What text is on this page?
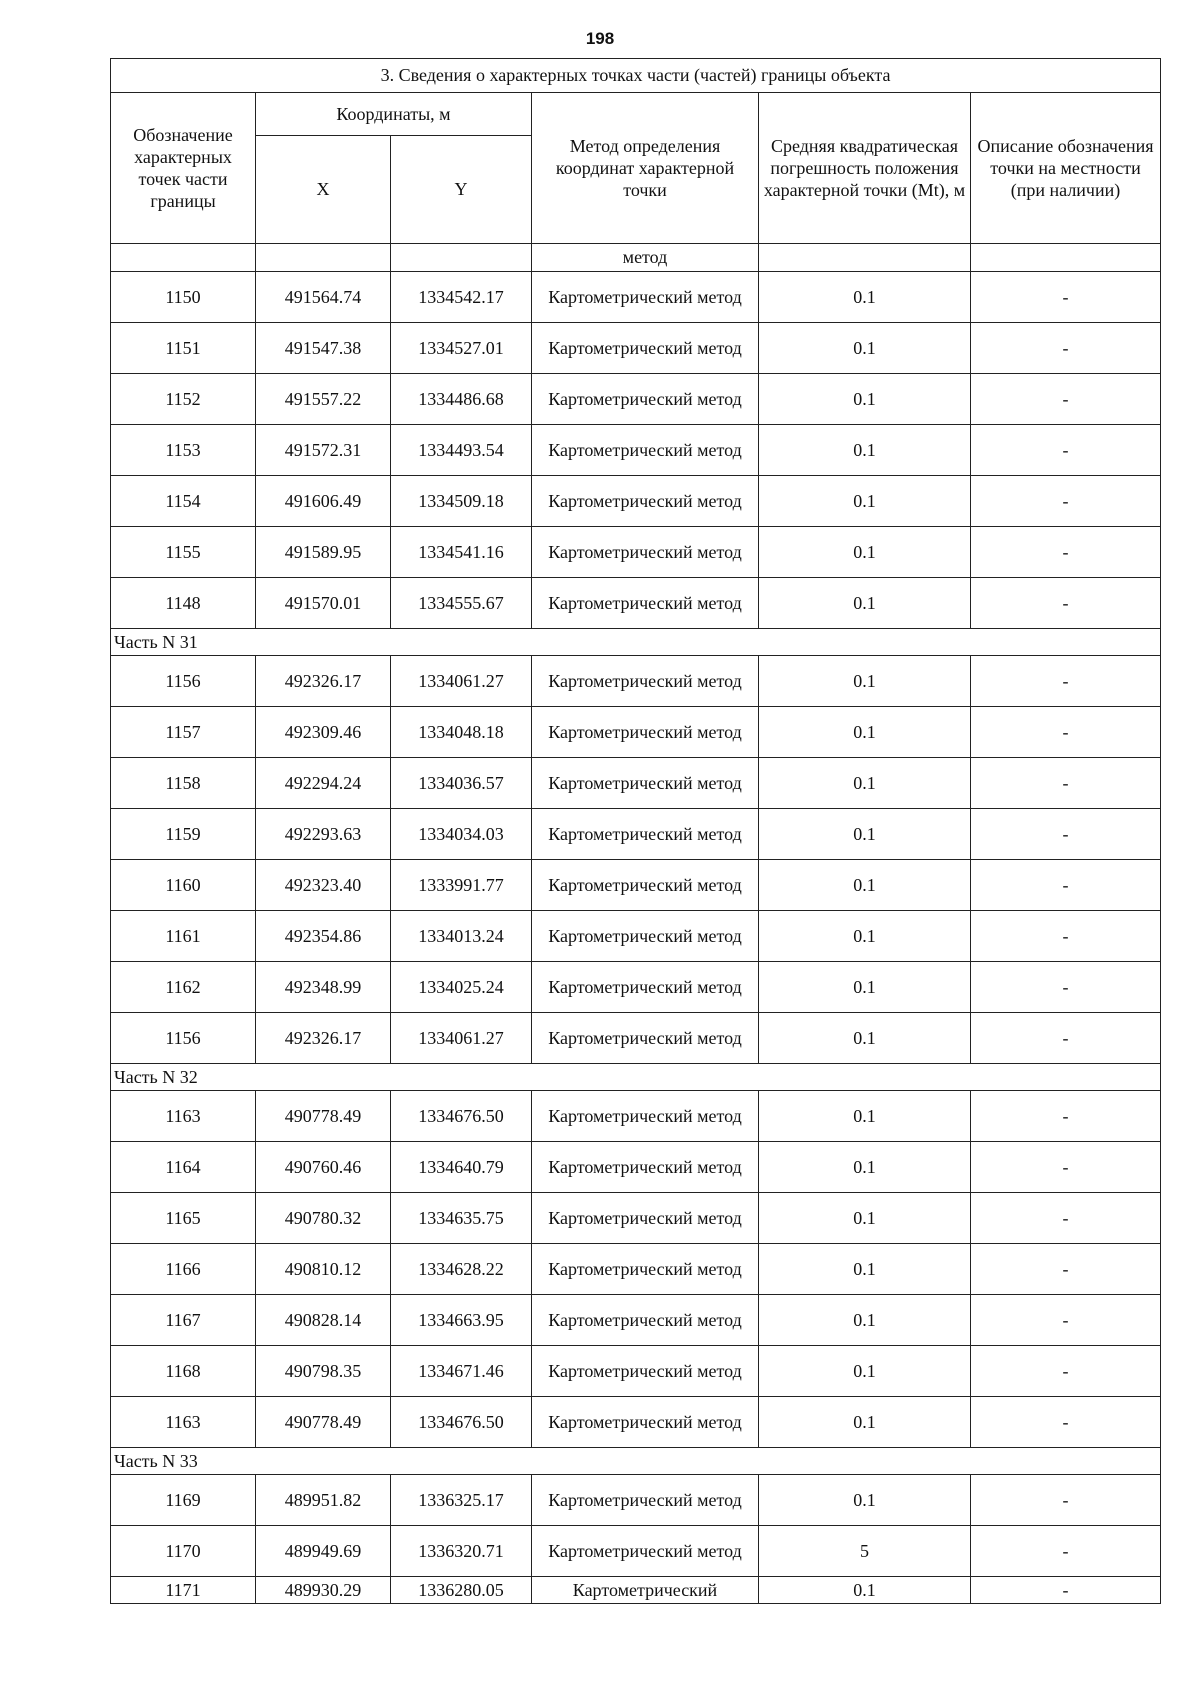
198
3. Сведения о характерных точках части (частей) границы объекта					
Обозначение характерных точек части границы	Координаты, м		Метод определения координат характерной точки	Средняя квадратическая погрешность положения характерной точки (Mt), м	Описание обозначения точки на местности (при наличии)
	X	Y			
			метод		
1150	491564.74	1334542.17	Картометрический метод	0.1	-
1151	491547.38	1334527.01	Картометрический метод	0.1	-
1152	491557.22	1334486.68	Картометрический метод	0.1	-
1153	491572.31	1334493.54	Картометрический метод	0.1	-
1154	491606.49	1334509.18	Картометрический метод	0.1	-
1155	491589.95	1334541.16	Картометрический метод	0.1	-
1148	491570.01	1334555.67	Картометрический метод	0.1	-
Часть N 31					
1156	492326.17	1334061.27	Картометрический метод	0.1	-
1157	492309.46	1334048.18	Картометрический метод	0.1	-
1158	492294.24	1334036.57	Картометрический метод	0.1	-
1159	492293.63	1334034.03	Картометрический метод	0.1	-
1160	492323.40	1333991.77	Картометрический метод	0.1	-
1161	492354.86	1334013.24	Картометрический метод	0.1	-
1162	492348.99	1334025.24	Картометрический метод	0.1	-
1156	492326.17	1334061.27	Картометрический метод	0.1	-
Часть N 32					
1163	490778.49	1334676.50	Картометрический метод	0.1	-
1164	490760.46	1334640.79	Картометрический метод	0.1	-
1165	490780.32	1334635.75	Картометрический метод	0.1	-
1166	490810.12	1334628.22	Картометрический метод	0.1	-
1167	490828.14	1334663.95	Картометрический метод	0.1	-
1168	490798.35	1334671.46	Картометрический метод	0.1	-
1163	490778.49	1334676.50	Картометрический метод	0.1	-
Часть N 33					
1169	489951.82	1336325.17	Картометрический метод	0.1	-
1170	489949.69	1336320.71	Картометрический метод	5	-
1171	489930.29	1336280.05	Картометрический	0.1	-
